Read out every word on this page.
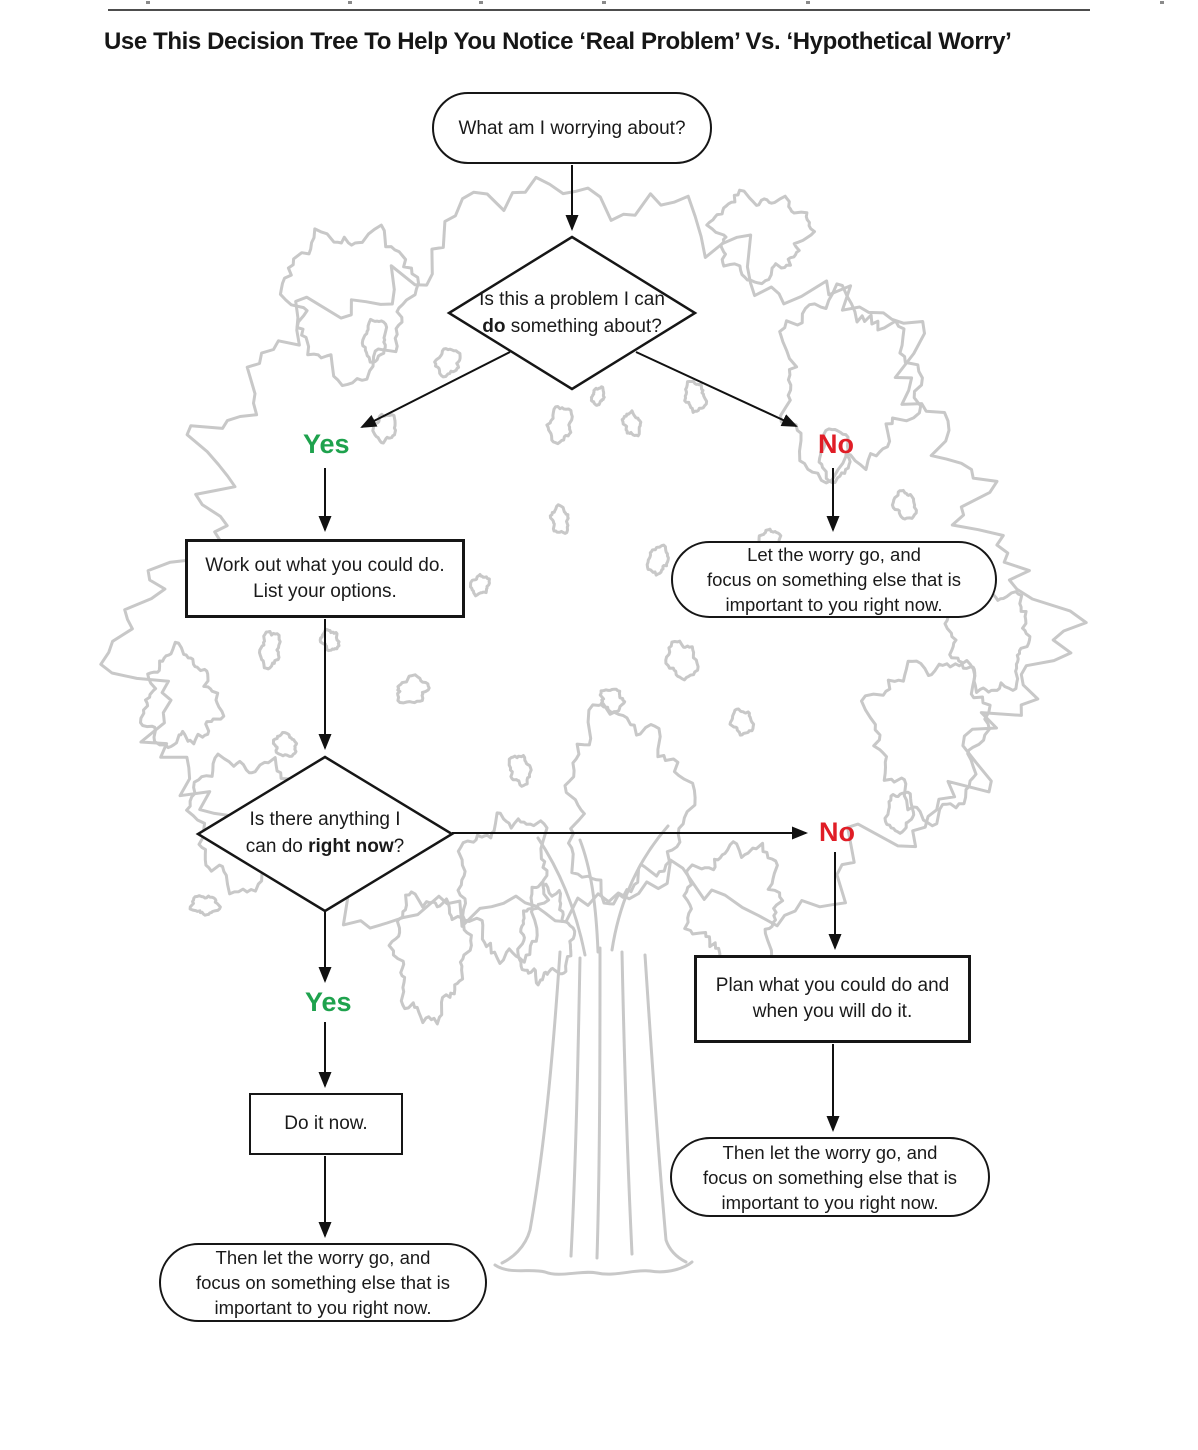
Use This Decision Tree To Help You Notice ‘Real Problem’ Vs. ‘Hypothetical Worry’
What am I worrying about?
Is this a problem I can
do something about?
Yes	No
Work out what you could do.
List your options.
Let the worry go, and
focus on something else that is
important to you right now.
Is there anything I
can do right now?	No
Yes
Plan what you could do and
when you will do it.
Do it now.
Then let the worry go, and
focus on something else that is
important to you right now.
Then let the worry go, and
focus on something else that is
important to you right now.
